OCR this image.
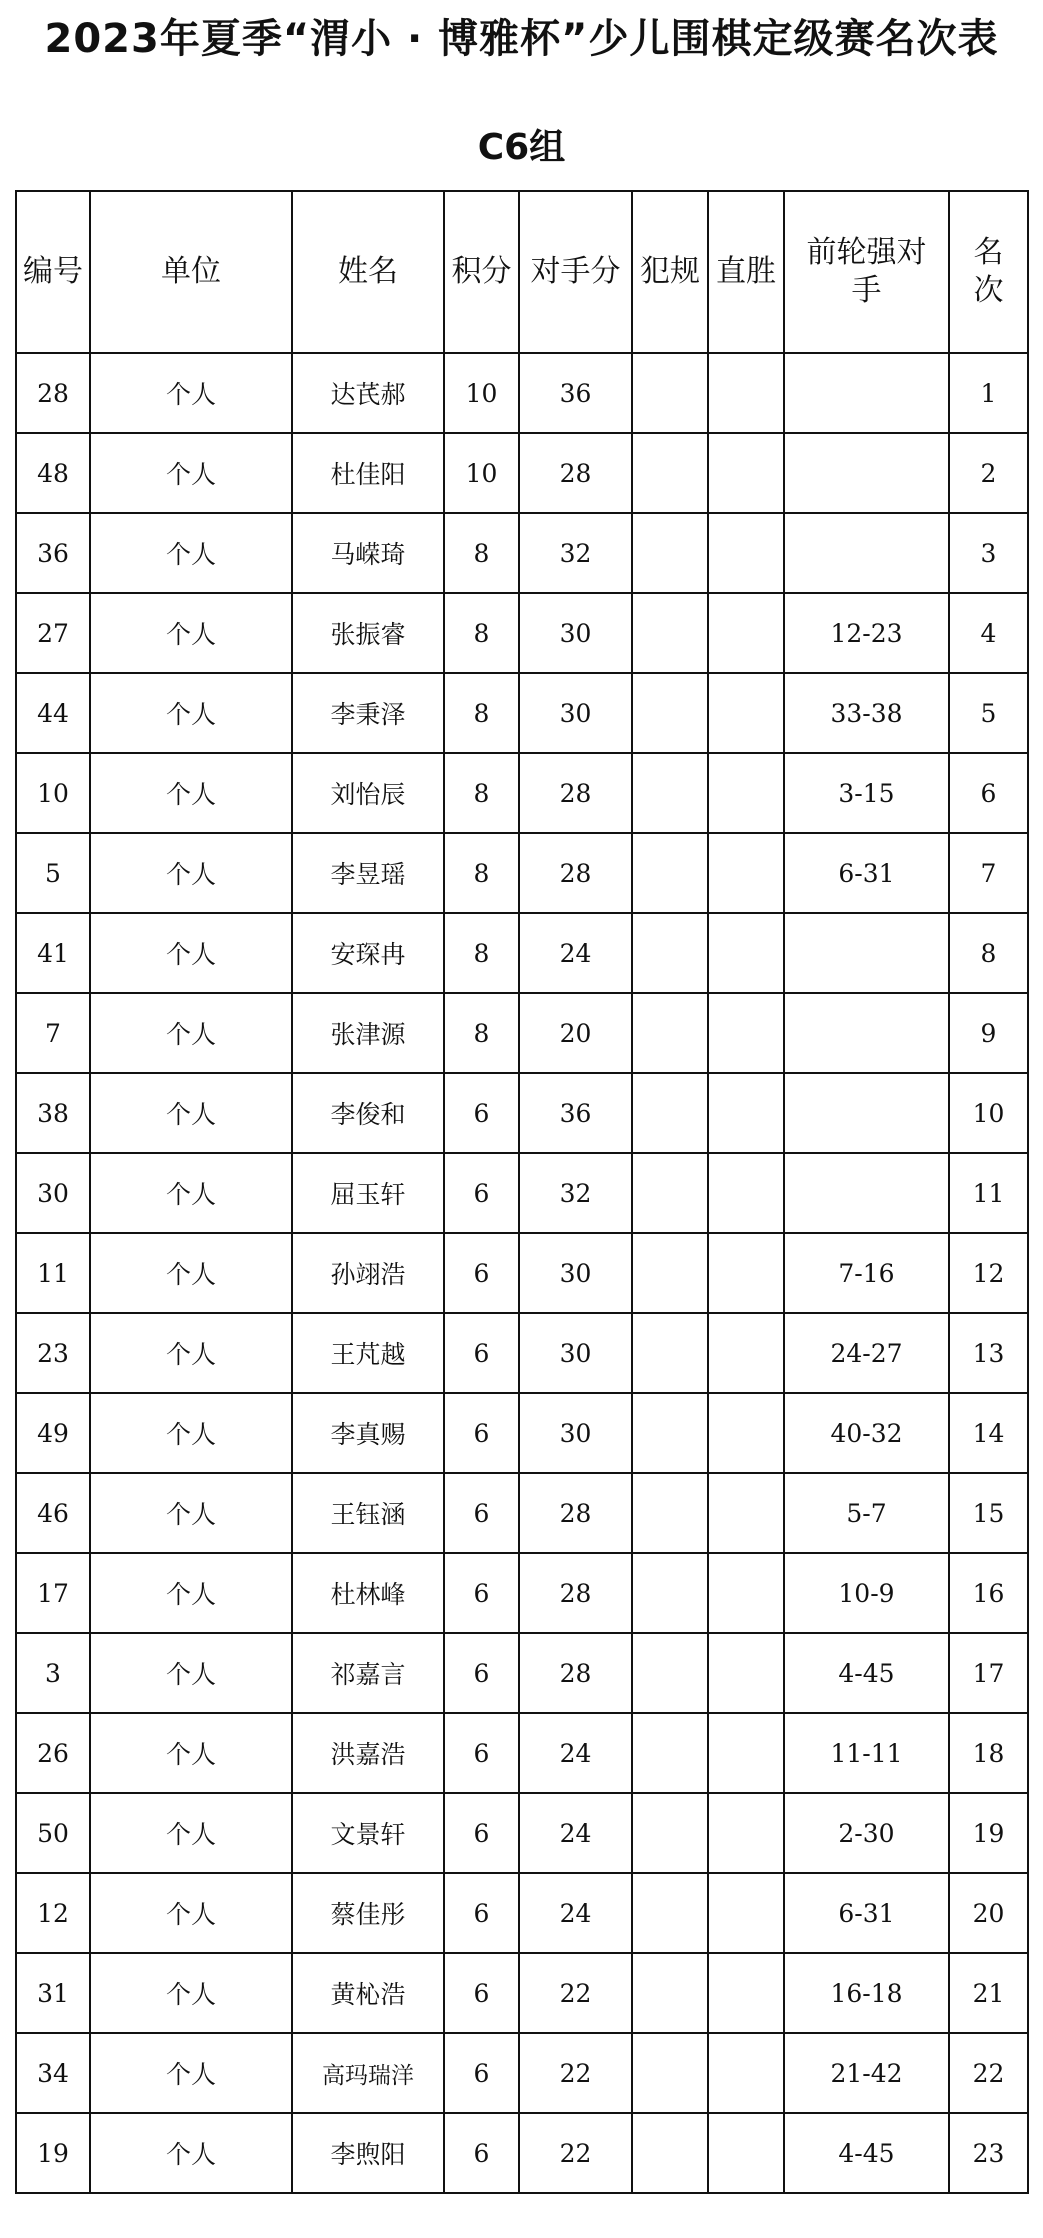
2023年夏季“渭小 · 博雅杯”少儿围棋定级赛名次表
C6组
编号	单位	姓名	积分	对手分	犯规	直胜	前轮强对手	名次
28	个人	达芪郝	10	36				1
48	个人	杜佳阳	10	28				2
36	个人	马嵘琦	8	32				3
27	个人	张振睿	8	30			12-23	4
44	个人	李秉泽	8	30			33-38	5
10	个人	刘怡辰	8	28			3-15	6
5	个人	李昱瑶	8	28			6-31	7
41	个人	安琛冉	8	24				8
7	个人	张津源	8	20				9
38	个人	李俊和	6	36				10
30	个人	屈玉轩	6	32				11
11	个人	孙翊浩	6	30			7-16	12
23	个人	王芃越	6	30			24-27	13
49	个人	李真赐	6	30			40-32	14
46	个人	王钰涵	6	28			5-7	15
17	个人	杜林峰	6	28			10-9	16
3	个人	祁嘉言	6	28			4-45	17
26	个人	洪嘉浩	6	24			11-11	18
50	个人	文景轩	6	24			2-30	19
12	个人	蔡佳彤	6	24			6-31	20
31	个人	黄杺浩	6	22			16-18	21
34	个人	高玛瑞洋	6	22			21-42	22
19	个人	李煦阳	6	22			4-45	23
